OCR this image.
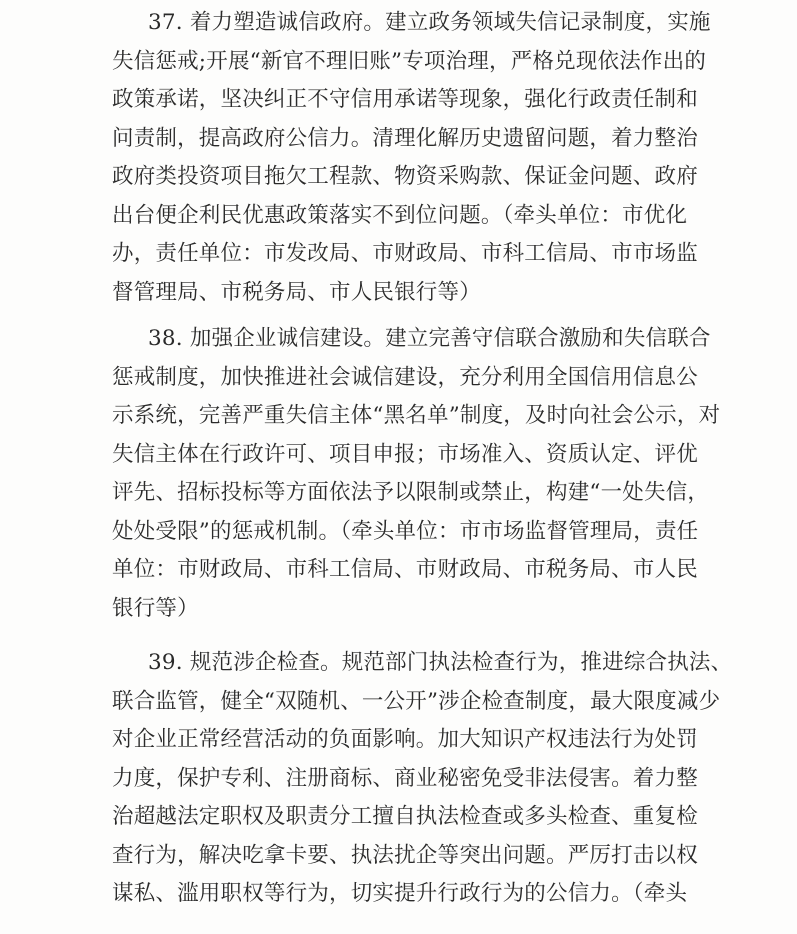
37. 着力塑造诚信政府。建立政务领域失信记录制度，实施
失信惩戒;开展“新官不理旧账”专项治理，严格兑现依法作出的
政策承诺，坚决纠正不守信用承诺等现象，强化行政责任制和
问责制，提高政府公信力。清理化解历史遗留问题，着力整治
政府类投资项目拖欠工程款、物资采购款、保证金问题、政府
出台便企利民优惠政策落实不到位问题。（牵头单位：市优化
办，责任单位：市发改局、市财政局、市科工信局、市市场监
督管理局、市税务局、市人民银行等）
38. 加强企业诚信建设。建立完善守信联合激励和失信联合
惩戒制度，加快推进社会诚信建设，充分利用全国信用信息公
示系统，完善严重失信主体“黑名单”制度，及时向社会公示，对
失信主体在行政许可、项目申报；市场准入、资质认定、评优
评先、招标投标等方面依法予以限制或禁止，构建“一处失信，
处处受限”的惩戒机制。（牵头单位：市市场监督管理局，责任
单位：市财政局、市科工信局、市财政局、市税务局、市人民
银行等）
39. 规范涉企检查。规范部门执法检查行为，推进综合执法、
联合监管，健全“双随机、一公开”涉企检查制度，最大限度减少
对企业正常经营活动的负面影响。加大知识产权违法行为处罚
力度，保护专利、注册商标、商业秘密免受非法侵害。着力整
治超越法定职权及职责分工擅自执法检查或多头检查、重复检
查行为，解决吃拿卡要、执法扰企等突出问题。严厉打击以权
谋私、滥用职权等行为，切实提升行政行为的公信力。（牵头
